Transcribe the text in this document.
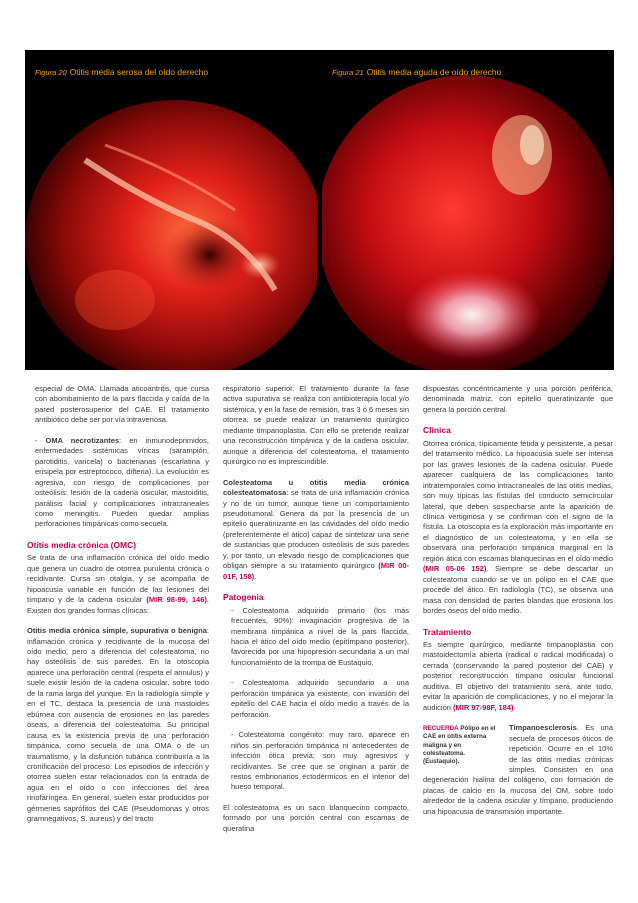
Figura 20 Otitis media serosa del oído derecho	Figura 21 Otitis media aguda de oído derecho

especial de OMA. Llamada aticoantritis, que cursa con abombamiento de la pars flaccida y caída de la pared posterosuperior del CAE. El tratamiento antibiótico debe ser por vía intravenosa.

- OMA necrotizantes: en inmunodeprimidos, enfermedades sistémicas víricas (sarampión, parotiditis, varicela) o bacterianas (escarlatina y erisipela por estreptococo, difteria). La evolución es agresiva, con riesgo de complicaciones por osteólisis: lesión de la cadena osicular, mastoiditis, parálisis facial y complicaciones intracraneales como meningitis. Pueden quedar amplias perforaciones timpánicas como secuela.

Otitis media crónica (OMC)

Se trata de una inflamación crónica del oído medio que genera un cuadro de otorrea purulenta crónica o recidivante. Cursa sin otalgia, y se acompaña de hipoacusia variable en función de las lesiones del tímpano y de la cadena osicular (MIR 98-99, 146). Existen dos grandes formas clínicas:

Otitis media crónica simple, supurativa o benigna: inflamación crónica y recidivante de la mucosa del oído medio, pero a diferencia del colesteatoma, no hay osteólisis de sus paredes. En la otoscopia aparece una perforación central (respeta el annulus) y suele existir lesión de la cadena osicular, sobre todo de la rama larga del yunque. En la radiología simple y en el TC, destaca la presencia de una mastoides ebúrnea con ausencia de erosiones en las paredes óseas, a diferencia del colesteatoma. Su principal causa es la existencia previa de una perforación timpánica, como secuela de una OMA o de un traumatismo, y la disfunción tubárica contribuiría a la cronificación del proceso. Los episodios de infección y otorrea suelen estar relacionados con la entrada de agua en el oído o con infecciones del área rinofaríngea. En general, suelen estar producidos por gérmenes saprófitos del CAE (Pseudomonas y otros gramnegativos, S. aureus) y del tracto

respiratorio superior. El tratamiento durante la fase activa supurativa se realiza con antibioterapia local y/o sistémica, y en la fase de remisión, tras 3 ó 6 meses sin otorrea, se puede realizar un tratamiento quirúrgico mediante timpanoplastia. Con ello se pretende realizar una reconstrucción timpánica y de la cadena osicular, aunque a diferencia del colesteatoma, el tratamiento quirúrgico no es imprescindible.

Colesteatoma u otitis media crónica colesteatomatosa: se trata de una inflamación crónica y no de un tumor, aunque tiene un comportamiento pseudotumoral. Genera da por la presencia de un epitelio queratinizante en las cavidades del oído medio (preferentemente el ático) capaz de sintetizar una serie de sustancias que producen osteólisis de sus paredes y, por tanto, un elevado riesgo de complicaciones que obligan siempre a su tratamiento quirúrgico (MIR 00-01F, 158).

Patogenia

- Colesteatoma adquirido primario (los más frecuentes, 90%): invaginación progresiva de la membrana timpánica a nivel de la pars flaccida, hacia el ático del oído medio (epitímpano posterior), favorecida por una hipopresión secundaria a un mal funcionamiento de la trompa de Eustaquio.

- Colesteatoma adquirido secundario a una perforación timpánica ya existente, con invasión del epitelio del CAE hacia el oído medio a través de la perforación.

- Colesteatoma congénito: muy raro, aparece en niños sin perforación timpánica ni antecedentes de infección ótica previa; son muy agresivos y recidivantes. Se cree que se originan a partir de restos embrionarios ectodérmicos en el interior del hueso temporal.

El colesteatoma es un saco blanquecino compacto, formado por una porción central con escamas de queratina

dispuestas concéntricamente y una porción periférica, denominada matriz, con epitelio queratinizante que genera la porción central.

Clínica

Otorrea crónica, típicamente fétida y persistente, a pesar del tratamiento médico. La hipoacusia suele ser intensa por las graves lesiones de la cadena osicular. Puede aparecer cualquiera de las complicaciones tanto intratemporales como intracraneales de las otitis medias, son muy típicas las fístulas del conducto semicircular lateral, que deben sospecharse ante la aparición de clínica vertiginosa y se confirman con el signo de la fístula. La otoscopia es la exploración más importante en el diagnóstico de un colesteatoma, y en ella se observará una perforación timpánica marginal en la región ática con escamas blanquecinas en el oído medio (MIR 05-06 152). Siempre se debe descartar un colesteatoma cuando se ve un pólipo en el CAE que procede del ático. En radiología (TC), se observa una masa con densidad de partes blandas que erosiona los bordes óseos del oído medio.

Tratamiento

Es siempre quirúrgico, mediante timpanoplastia con mastoidectomía abierta (radical o radical modificada) o cerrada (conservando la pared posterior del CAE) y posterior reconstrucción tímpano osicular funcional auditiva. El objetivo del tratamiento será, ante todo, evitar la aparición de complicaciones, y no el mejorar la audición (MIR 97-98F, 184).

RECUERDA Pólipo en el CAE en otitis externa maligna y en colesteatoma. (Eustaquio).
Timpanoesclerosis. Es una secuela de procesos óticos de repetición. Ocurre en el 10% de las otitis medias crónicas simples. Consisten en una degeneración hialina del colágeno, con formación de placas de calcio en la mucosa del OM, sobre todo alrededor de la cadena osicular y tímpano, produciendo una hipoacusia de transmisión importante.
